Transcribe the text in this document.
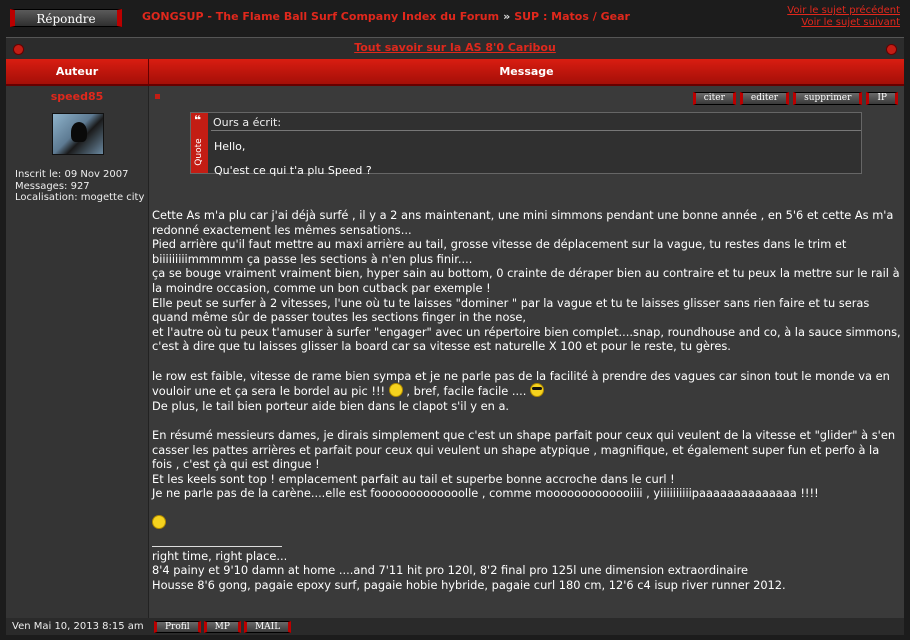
Répondre	GONGSUP - The Flame Ball Surf Company Index du Forum » SUP : Matos / Gear	Voir le sujet précédent
Voir le sujet suivant
Tout savoir sur la AS 8'0 Caribou
Auteur	Message
speed85
Inscrit le: 09 Nov 2007
Messages: 927
Localisation: mogette city
citer	editer	supprimer	IP
❝
Quote
Ours a écrit:
Hello,
Qu'est ce qui t'a plu Speed ?
Cette As m'a plu car j'ai déjà surfé , il y a 2 ans maintenant, une mini simmons pendant une bonne année , en 5'6 et cette As m'a redonné exactement les mêmes sensations...
Pied arrière qu'il faut mettre au maxi arrière au tail, grosse vitesse de déplacement sur la vague, tu restes dans le trim et biiiiiiiiimmmmm ça passe les sections à n'en plus finir....
ça se bouge vraiment vraiment bien, hyper sain au bottom, 0 crainte de déraper bien au contraire et tu peux la mettre sur le rail à la moindre occasion, comme un bon cutback par exemple !
Elle peut se surfer à 2 vitesses, l'une où tu te laisses "dominer " par la vague et tu te laisses glisser sans rien faire et tu seras quand même sûr de passer toutes les sections finger in the nose,
et l'autre où tu peux t'amuser à surfer "engager" avec un répertoire bien complet....snap, roundhouse and co, à la sauce simmons,

c'est à dire que tu laisses glisser la board car sa vitesse est naturelle X 100 et pour le reste, tu gères.

le row est faible, vitesse de rame bien sympa et je ne parle pas de la facilité à prendre des vagues car sinon tout le monde va en vouloir une et ça sera le bordel au pic !!! , bref, facile facile ....

De plus, le tail bien porteur aide bien dans le clapot s'il y en a.

En résumé messieurs dames, je dirais simplement que c'est un shape parfait pour ceux qui veulent de la vitesse et "glider" à s'en casser les pattes arrières et parfait pour ceux qui veulent un shape atypique , magnifique, et également super fun et perfo à la fois , c'est çà qui est dingue !
Et les keels sont top ! emplacement parfait au tail et superbe bonne accroche dans le curl !

Je ne parle pas de la carène....elle est fooooooooooooolle , comme mooooooooooooiiii , yiiiiiiiiiipaaaaaaaaaaaaaa !!!!

right time, right place...
8'4 painy et 9'10 damn at home ....and 7'11 hit pro 120l, 8'2 final pro 125l une dimension extraordinaire
Housse 8'6 gong, pagaie epoxy surf, pagaie hobie hybride, pagaie curl 180 cm, 12'6 c4 isup river runner 2012.
Ven Mai 10, 2013 8:15 am	Profil	MP	MAIL
